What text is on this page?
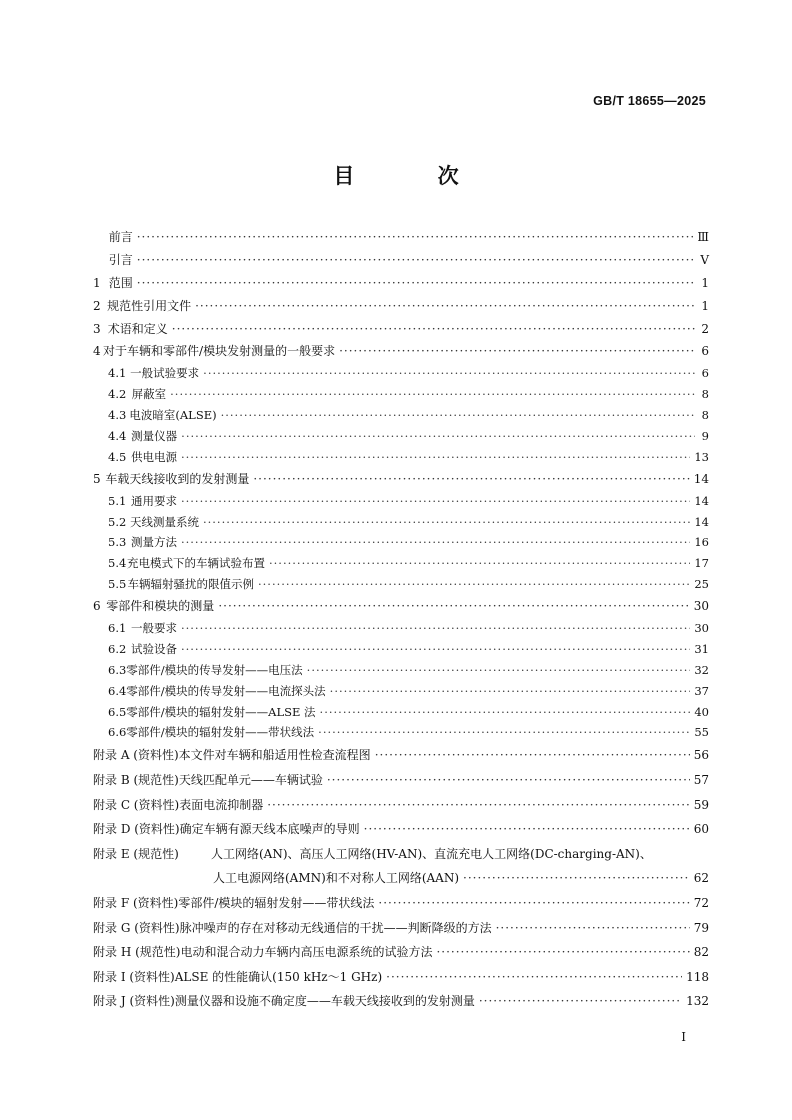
GB/T 18655—2025
目 次
前言 ·····	Ⅲ
引言 ·····	Ⅴ
1 范围 ·····	1
2 规范性引用文件 ·····	1
3 术语和定义 ·····	2
4 对于车辆和零部件/模块发射测量的一般要求 ·····	6
4.1 一般试验要求 ·····	6
4.2 屏蔽室 ·····	8
4.3 电波暗室(ALSE) ·····	8
4.4 测量仪器 ·····	9
4.5 供电电源 ·····	13
5 车载天线接收到的发射测量 ·····	14
5.1 通用要求 ·····	14
5.2 天线测量系统 ·····	14
5.3 测量方法 ·····	16
5.4 充电模式下的车辆试验布置 ·····	17
5.5 车辆辐射骚扰的限值示例 ·····	25
6 零部件和模块的测量 ·····	30
6.1 一般要求 ·····	30
6.2 试验设备 ·····	31
6.3 零部件/模块的传导发射——电压法 ·····	32
6.4 零部件/模块的传导发射——电流探头法 ·····	37
6.5 零部件/模块的辐射发射——ALSE 法 ·····	40
6.6 零部件/模块的辐射发射——带状线法 ·····	55
附录 A (资料性) 本文件对车辆和船适用性检查流程图 ·····	56
附录 B (规范性) 天线匹配单元——车辆试验 ·····	57
附录 C (资料性) 表面电流抑制器 ·····	59
附录 D (资料性) 确定车辆有源天线本底噪声的导则 ·····	60
附录 E (规范性)	人工网络(AN)、高压人工网络(HV-AN)、直流充电人工网络(DC-charging-AN)、
人工电源网络(AMN)和不对称人工网络(AAN) ·····	62
附录 F (资料性) 零部件/模块的辐射发射——带状线法 ·····	72
附录 G (资料性) 脉冲噪声的存在对移动无线通信的干扰——判断降级的方法 ·····	79
附录 H (规范性) 电动和混合动力车辆内高压电源系统的试验方法 ·····	82
附录 I (资料性) ALSE 的性能确认(150 kHz～1 GHz) ·····	118
附录 J (资料性) 测量仪器和设施不确定度——车载天线接收到的发射测量 ·····	132
I
